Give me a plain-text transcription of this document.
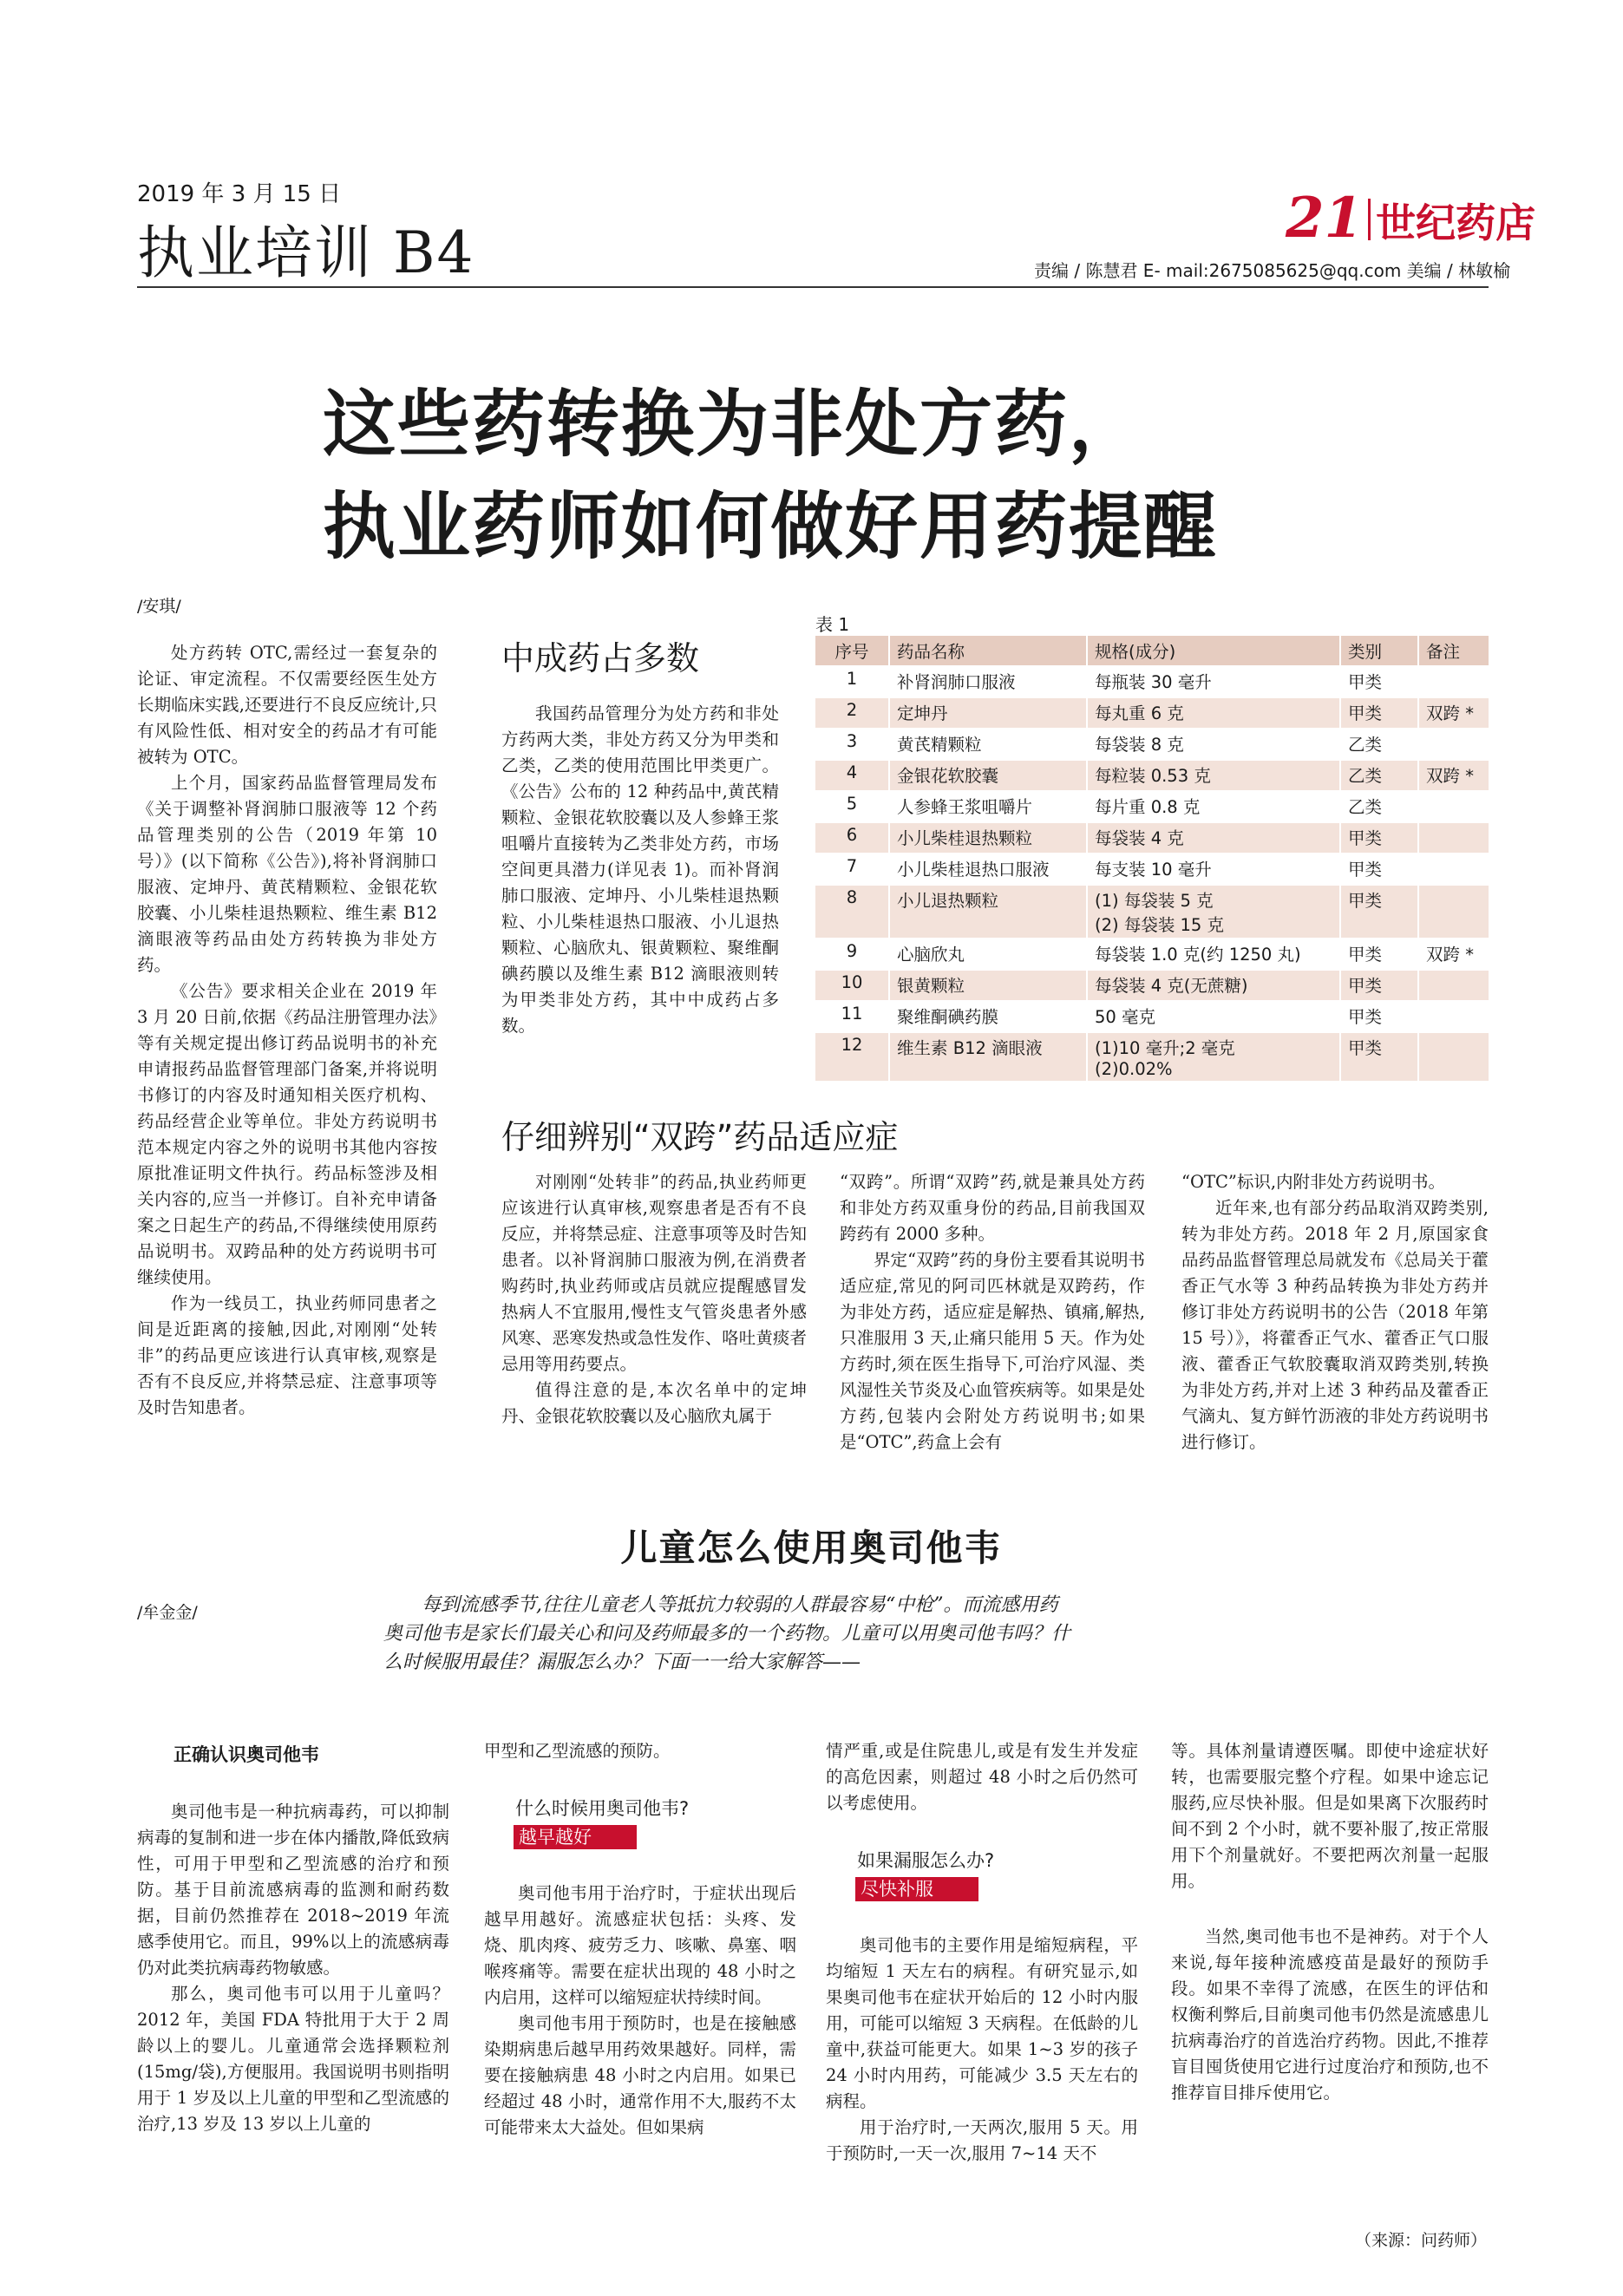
2019 年 3 月 15 日
执业培训 B4
21 世纪药店
责编 / 陈慧君 E- mail:2675085625@qq.com 美编 / 林敏榆
这些药转换为非处方药，
执业药师如何做好用药提醒
/安琪/

处方药转 OTC,需经过一套复杂的论证、审定流程。不仅需要经医生处方长期临床实践,还要进行不良反应统计,只有风险性低、相对安全的药品才有可能被转为 OTC。

上个月，国家药品监督管理局发布《关于调整补肾润肺口服液等 12 个药品管理类别的公告（2019 年第 10 号）》(以下简称《公告》),将补肾润肺口服液、定坤丹、黄芪精颗粒、金银花软胶囊、小儿柴桂退热颗粒、维生素 B12 滴眼液等药品由处方药转换为非处方药。

《公告》要求相关企业在 2019 年 3 月 20 日前,依据《药品注册管理办法》等有关规定提出修订药品说明书的补充申请报药品监督管理部门备案,并将说明书修订的内容及时通知相关医疗机构、药品经营企业等单位。非处方药说明书范本规定内容之外的说明书其他内容按原批准证明文件执行。药品标签涉及相关内容的,应当一并修订。自补充申请备案之日起生产的药品,不得继续使用原药品说明书。双跨品种的处方药说明书可继续使用。

作为一线员工，执业药师同患者之间是近距离的接触,因此,对刚刚“处转非”的药品更应该进行认真审核,观察是否有不良反应,并将禁忌症、注意事项等及时告知患者。

中成药占多数

我国药品管理分为处方药和非处方药两大类，非处方药又分为甲类和乙类，乙类的使用范围比甲类更广。《公告》公布的 12 种药品中,黄芪精颗粒、金银花软胶囊以及人参蜂王浆咀嚼片直接转为乙类非处方药，市场空间更具潜力(详见表 1)。而补肾润肺口服液、定坤丹、小儿柴桂退热颗粒、小儿柴桂退热口服液、小儿退热颗粒、心脑欣丸、银黄颗粒、聚维酮碘药膜以及维生素 B12 滴眼液则转为甲类非处方药，其中中成药占多数。

表 1
序号	药品名称	规格(成分)	类别	备注
1	补肾润肺口服液	每瓶装 30 毫升	甲类	
2	定坤丹	每丸重 6 克	甲类	双跨 *
3	黄芪精颗粒	每袋装 8 克	乙类	
4	金银花软胶囊	每粒装 0.53 克	乙类	双跨 *
5	人参蜂王浆咀嚼片	每片重 0.8 克	乙类	
6	小儿柴桂退热颗粒	每袋装 4 克	甲类	
7	小儿柴桂退热口服液	每支装 10 毫升	甲类	
8	小儿退热颗粒	(1) 每袋装 5 克
(2) 每袋装 15 克	甲类	
9	心脑欣丸	每袋装 1.0 克(约 1250 丸)	甲类	双跨 *
10	银黄颗粒	每袋装 4 克(无蔗糖)	甲类	
11	聚维酮碘药膜	50 毫克	甲类	
12	维生素 B12 滴眼液	(1)10 毫升;2 毫克
(2)0.02%	甲类	
仔细辨别“双跨”药品适应症

对刚刚“处转非”的药品,执业药师更应该进行认真审核,观察患者是否有不良反应，并将禁忌症、注意事项等及时告知患者。以补肾润肺口服液为例,在消费者购药时,执业药师或店员就应提醒感冒发热病人不宜服用,慢性支气管炎患者外感风寒、恶寒发热或急性发作、咯吐黄痰者忌用等用药要点。

值得注意的是,本次名单中的定坤丹、金银花软胶囊以及心脑欣丸属于

“双跨”。所谓“双跨”药,就是兼具处方药和非处方药双重身份的药品,目前我国双跨药有 2000 多种。

界定“双跨”药的身份主要看其说明书适应症,常见的阿司匹林就是双跨药，作为非处方药，适应症是解热、镇痛,解热,只准服用 3 天,止痛只能用 5 天。作为处方药时,须在医生指导下,可治疗风湿、类风湿性关节炎及心血管疾病等。如果是处方药,包装内会附处方药说明书;如果是“OTC”,药盒上会有

“OTC”标识,内附非处方药说明书。

近年来,也有部分药品取消双跨类别,转为非处方药。2018 年 2 月,原国家食品药品监督管理总局就发布《总局关于藿香正气水等 3 种药品转换为非处方药并修订非处方药说明书的公告（2018 年第 15 号）》，将藿香正气水、藿香正气口服液、藿香正气软胶囊取消双跨类别,转换为非处方药,并对上述 3 种药品及藿香正气滴丸、复方鲜竹沥液的非处方药说明书进行修订。

儿童怎么使用奥司他韦
/牟金金/	每到流感季节,往往儿童老人等抵抗力较弱的人群最容易“中枪”。而流感用药
奥司他韦是家长们最关心和问及药师最多的一个药物。儿童可以用奥司他韦吗？什
么时候服用最佳？漏服怎么办？下面一一给大家解答——
正确认识奥司他韦

奥司他韦是一种抗病毒药，可以抑制病毒的复制和进一步在体内播散,降低致病性，可用于甲型和乙型流感的治疗和预防。基于目前流感病毒的监测和耐药数据，目前仍然推荐在 2018~2019 年流感季使用它。而且，99%以上的流感病毒仍对此类抗病毒药物敏感。

那么，奥司他韦可以用于儿童吗？2012 年，美国 FDA 特批用于大于 2 周龄以上的婴儿。儿童通常会选择颗粒剂(15mg/袋),方便服用。我国说明书则指明用于 1 岁及以上儿童的甲型和乙型流感的治疗,13 岁及 13 岁以上儿童的

甲型和乙型流感的预防。

什么时候用奥司他韦?
越早越好

奥司他韦用于治疗时，于症状出现后越早用越好。流感症状包括：头疼、发烧、肌肉疼、疲劳乏力、咳嗽、鼻塞、咽喉疼痛等。需要在症状出现的 48 小时之内启用，这样可以缩短症状持续时间。

奥司他韦用于预防时，也是在接触感染期病患后越早用药效果越好。同样，需要在接触病患 48 小时之内启用。如果已经超过 48 小时，通常作用不大,服药不太可能带来太大益处。但如果病

情严重,或是住院患儿,或是有发生并发症的高危因素，则超过 48 小时之后仍然可以考虑使用。

如果漏服怎么办?
尽快补服

奥司他韦的主要作用是缩短病程，平均缩短 1 天左右的病程。有研究显示,如果奥司他韦在症状开始后的 12 小时内服用，可能可以缩短 3 天病程。在低龄的儿童中,获益可能更大。如果 1~3 岁的孩子 24 小时内用药，可能减少 3.5 天左右的病程。

用于治疗时,一天两次,服用 5 天。用于预防时,一天一次,服用 7~14 天不

等。具体剂量请遵医嘱。即使中途症状好转，也需要服完整个疗程。如果中途忘记服药,应尽快补服。但是如果离下次服药时间不到 2 个小时，就不要补服了,按正常服用下个剂量就好。不要把两次剂量一起服用。

当然,奥司他韦也不是神药。对于个人来说,每年接种流感疫苗是最好的预防手段。如果不幸得了流感，在医生的评估和权衡利弊后,目前奥司他韦仍然是流感患儿抗病毒治疗的首选治疗药物。因此,不推荐盲目囤货使用它进行过度治疗和预防,也不推荐盲目排斥使用它。

（来源：问药师）
